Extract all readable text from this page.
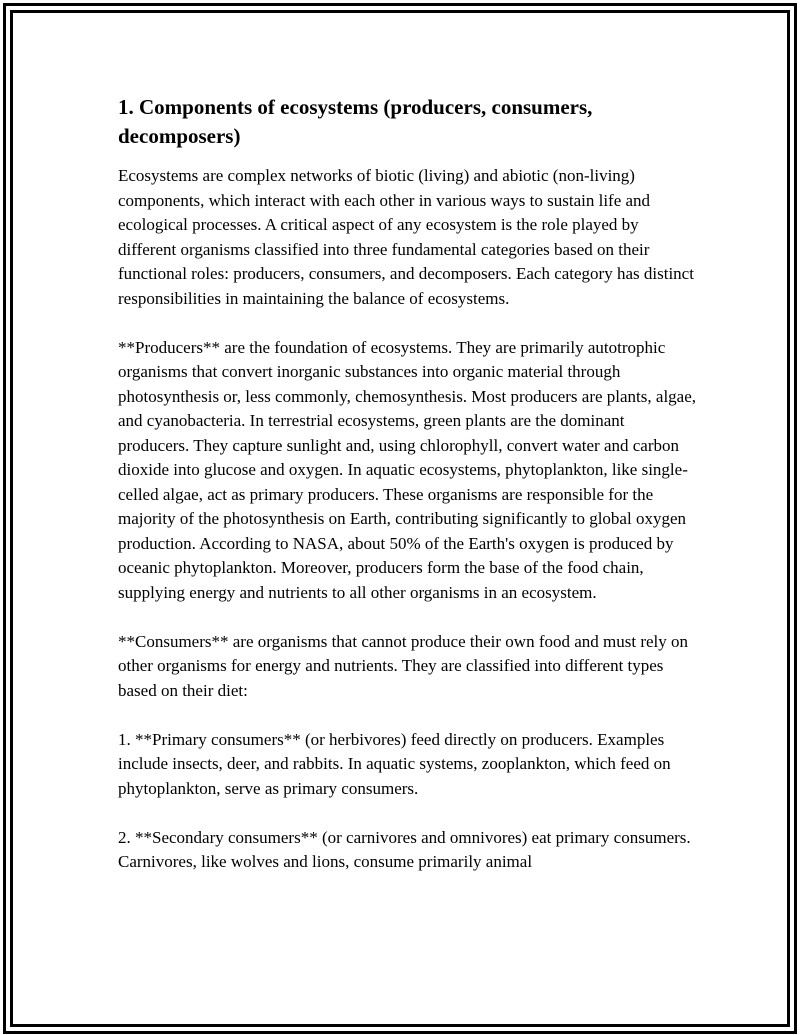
1. Components of ecosystems (producers, consumers, decomposers)

Ecosystems are complex networks of biotic (living) and abiotic (non-living) components, which interact with each other in various ways to sustain life and ecological processes. A critical aspect of any ecosystem is the role played by different organisms classified into three fundamental categories based on their functional roles: producers, consumers, and decomposers. Each category has distinct responsibilities in maintaining the balance of ecosystems.

**Producers** are the foundation of ecosystems. They are primarily autotrophic organisms that convert inorganic substances into organic material through photosynthesis or, less commonly, chemosynthesis. Most producers are plants, algae, and cyanobacteria. In terrestrial ecosystems, green plants are the dominant producers. They capture sunlight and, using chlorophyll, convert water and carbon dioxide into glucose and oxygen. In aquatic ecosystems, phytoplankton, like single-celled algae, act as primary producers. These organisms are responsible for the majority of the photosynthesis on Earth, contributing significantly to global oxygen production. According to NASA, about 50% of the Earth's oxygen is produced by oceanic phytoplankton. Moreover, producers form the base of the food chain, supplying energy and nutrients to all other organisms in an ecosystem.

**Consumers** are organisms that cannot produce their own food and must rely on other organisms for energy and nutrients. They are classified into different types based on their diet:

1. **Primary consumers** (or herbivores) feed directly on producers. Examples include insects, deer, and rabbits. In aquatic systems, zooplankton, which feed on phytoplankton, serve as primary consumers.

2. **Secondary consumers** (or carnivores and omnivores) eat primary consumers. Carnivores, like wolves and lions, consume primarily animal
